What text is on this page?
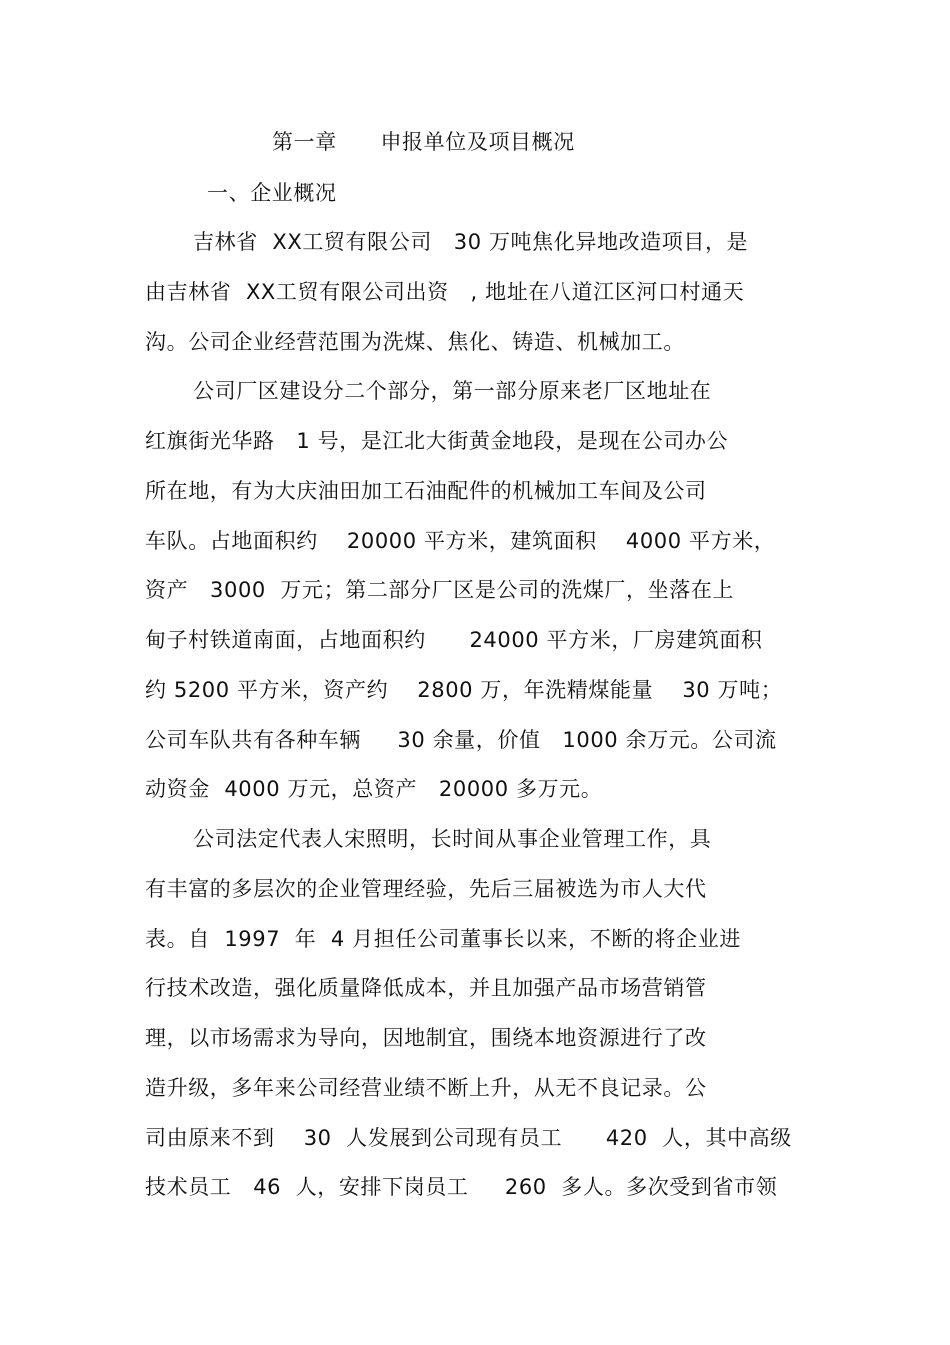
第一章      申报单位及项目概况
一、企业概况
吉林省  XX工贸有限公司   30 万吨焦化异地改造项目，是
由吉林省  XX工贸有限公司出资   , 地址在八道江区河口村通天
沟。公司企业经营范围为洗煤、焦化、铸造、机械加工。
公司厂区建设分二个部分，第一部分原来老厂区地址在
红旗街光华路   1 号，是江北大街黄金地段，是现在公司办公
所在地，有为大庆油田加工石油配件的机械加工车间及公司
车队。占地面积约    20000 平方米，建筑面积    4000 平方米，
资产   3000  万元；第二部分厂区是公司的洗煤厂，坐落在上
甸子村铁道南面，占地面积约      24000 平方米，厂房建筑面积
约 5200 平方米，资产约    2800 万，年洗精煤能量    30 万吨；
公司车队共有各种车辆     30 余量，价值   1000 余万元。公司流
动资金  4000 万元，总资产   20000 多万元。
公司法定代表人宋照明，长时间从事企业管理工作，具
有丰富的多层次的企业管理经验，先后三届被选为市人大代
表。自  1997  年  4 月担任公司董事长以来，不断的将企业进
行技术改造，强化质量降低成本，并且加强产品市场营销管
理，以市场需求为导向，因地制宜，围绕本地资源进行了改
造升级，多年来公司经营业绩不断上升，从无不良记录。公
司由原来不到    30  人发展到公司现有员工      420  人，其中高级
技术员工   46  人，安排下岗员工     260  多人。多次受到省市领
